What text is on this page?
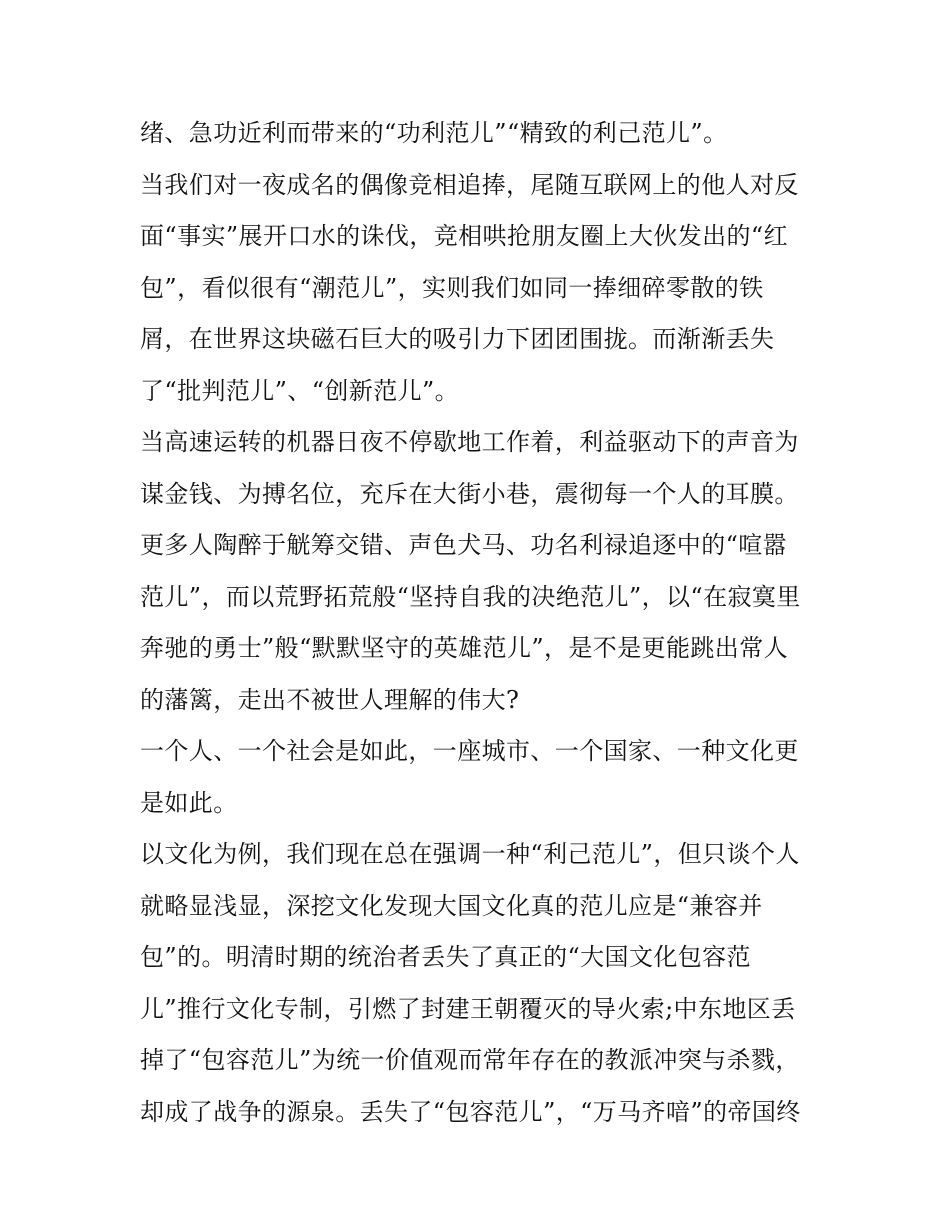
绪、急功近利而带来的“功利范儿”“精致的利己范儿”。
当我们对一夜成名的偶像竞相追捧，尾随互联网上的他人对反
面“事实”展开口水的诛伐，竞相哄抢朋友圈上大伙发出的“红
包”，看似很有“潮范儿”，实则我们如同一捧细碎零散的铁
屑，在世界这块磁石巨大的吸引力下团团围拢。而渐渐丢失
了“批判范儿”、“创新范儿”。
当高速运转的机器日夜不停歇地工作着，利益驱动下的声音为
谋金钱、为搏名位，充斥在大街小巷，震彻每一个人的耳膜。
更多人陶醉于觥筹交错、声色犬马、功名利禄追逐中的“喧嚣
范儿”，而以荒野拓荒般“坚持自我的决绝范儿”，以“在寂寞里
奔驰的勇士”般“默默坚守的英雄范儿”，是不是更能跳出常人
的藩篱，走出不被世人理解的伟大?
一个人、一个社会是如此，一座城市、一个国家、一种文化更
是如此。
以文化为例，我们现在总在强调一种“利己范儿”，但只谈个人
就略显浅显，深挖文化发现大国文化真的范儿应是“兼容并
包”的。明清时期的统治者丢失了真正的“大国文化包容范
儿”推行文化专制，引燃了封建王朝覆灭的导火索;中东地区丢
掉了“包容范儿”为统一价值观而常年存在的教派冲突与杀戮，
却成了战争的源泉。丢失了“包容范儿”，“万马齐喑”的帝国终
